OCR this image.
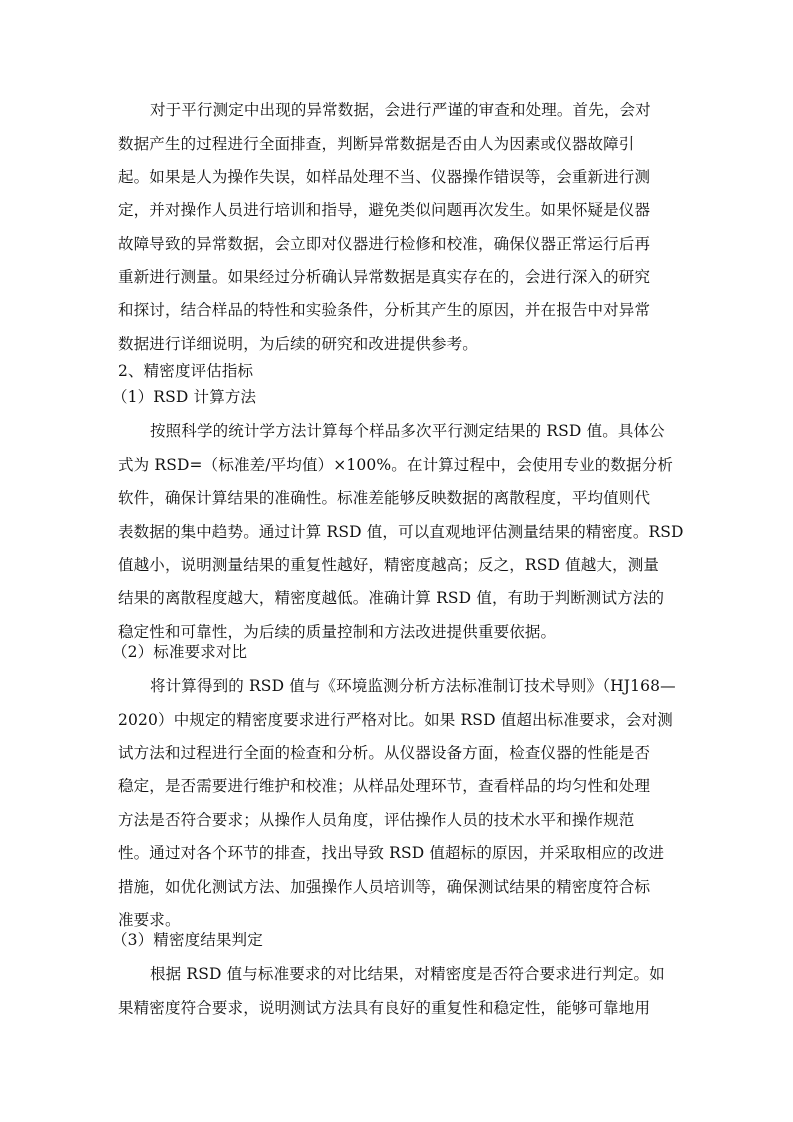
对于平行测定中出现的异常数据，会进行严谨的审查和处理。首先，会对
数据产生的过程进行全面排查，判断异常数据是否由人为因素或仪器故障引
起。如果是人为操作失误，如样品处理不当、仪器操作错误等，会重新进行测
定，并对操作人员进行培训和指导，避免类似问题再次发生。如果怀疑是仪器
故障导致的异常数据，会立即对仪器进行检修和校准，确保仪器正常运行后再
重新进行测量。如果经过分析确认异常数据是真实存在的，会进行深入的研究
和探讨，结合样品的特性和实验条件，分析其产生的原因，并在报告中对异常
数据进行详细说明，为后续的研究和改进提供参考。
2、精密度评估指标
（1）RSD 计算方法
按照科学的统计学方法计算每个样品多次平行测定结果的 RSD 值。具体公
式为 RSD=（标准差/平均值）×100%。在计算过程中，会使用专业的数据分析
软件，确保计算结果的准确性。标准差能够反映数据的离散程度，平均值则代
表数据的集中趋势。通过计算 RSD 值，可以直观地评估测量结果的精密度。RSD
值越小，说明测量结果的重复性越好，精密度越高；反之，RSD 值越大，测量
结果的离散程度越大，精密度越低。准确计算 RSD 值，有助于判断测试方法的
稳定性和可靠性，为后续的质量控制和方法改进提供重要依据。
（2）标准要求对比
将计算得到的 RSD 值与《环境监测分析方法标准制订技术导则》（HJ168—
2020）中规定的精密度要求进行严格对比。如果 RSD 值超出标准要求，会对测
试方法和过程进行全面的检查和分析。从仪器设备方面，检查仪器的性能是否
稳定，是否需要进行维护和校准；从样品处理环节，查看样品的均匀性和处理
方法是否符合要求；从操作人员角度，评估操作人员的技术水平和操作规范
性。通过对各个环节的排查，找出导致 RSD 值超标的原因，并采取相应的改进
措施，如优化测试方法、加强操作人员培训等，确保测试结果的精密度符合标
准要求。
（3）精密度结果判定
根据 RSD 值与标准要求的对比结果，对精密度是否符合要求进行判定。如
果精密度符合要求，说明测试方法具有良好的重复性和稳定性，能够可靠地用
